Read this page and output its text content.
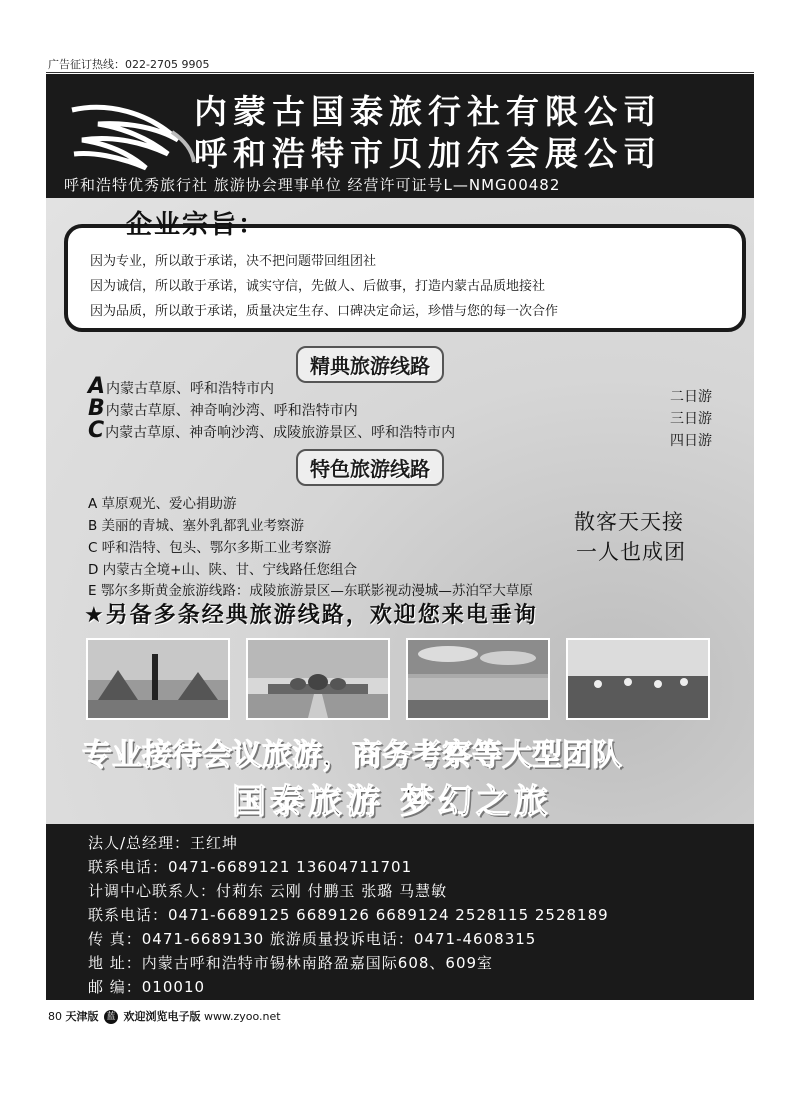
广告征订热线：022-2705 9905
内蒙古国泰旅行社有限公司
呼和浩特市贝加尔会展公司
呼和浩特优秀旅行社 旅游协会理事单位 经营许可证号L—NMG00482
企业宗旨：
因为专业，所以敢于承诺，决不把问题带回组团社
因为诚信，所以敢于承诺，诚实守信，先做人、后做事，打造内蒙古品质地接社
因为品质，所以敢于承诺，质量决定生存、口碑决定命运，珍惜与您的每一次合作
精典旅游线路
A内蒙古草原、呼和浩特市内	二日游
B内蒙古草原、神奇响沙湾、呼和浩特市内	三日游
C内蒙古草原、神奇响沙湾、成陵旅游景区、呼和浩特市内	四日游
特色旅游线路
A 草原观光、爱心捐助游
B 美丽的青城、塞外乳都乳业考察游
C 呼和浩特、包头、鄂尔多斯工业考察游
D 内蒙古全境+山、陕、甘、宁线路任您组合
E 鄂尔多斯黄金旅游线路：成陵旅游景区—东联影视动漫城—苏泊罕大草原
散客天天接
一人也成团
★另备多条经典旅游线路，欢迎您来电垂询
专业接待会议旅游，商务考察等大型团队
国泰旅游 梦幻之旅
法人/总经理：王红坤
联系电话：0471-6689121 13604711701
计调中心联系人：付莉东 云刚 付鹏玉 张璐 马慧敏
联系电话：0471-6689125 6689126 6689124 2528115 2528189
传 真：0471-6689130 旅游质量投诉电话：0471-4608315
地 址：内蒙古呼和浩特市锡林南路盈嘉国际608、609室
邮 编：010010
80 天津版 蓝 欢迎浏览电子版 www.zyoo.net
